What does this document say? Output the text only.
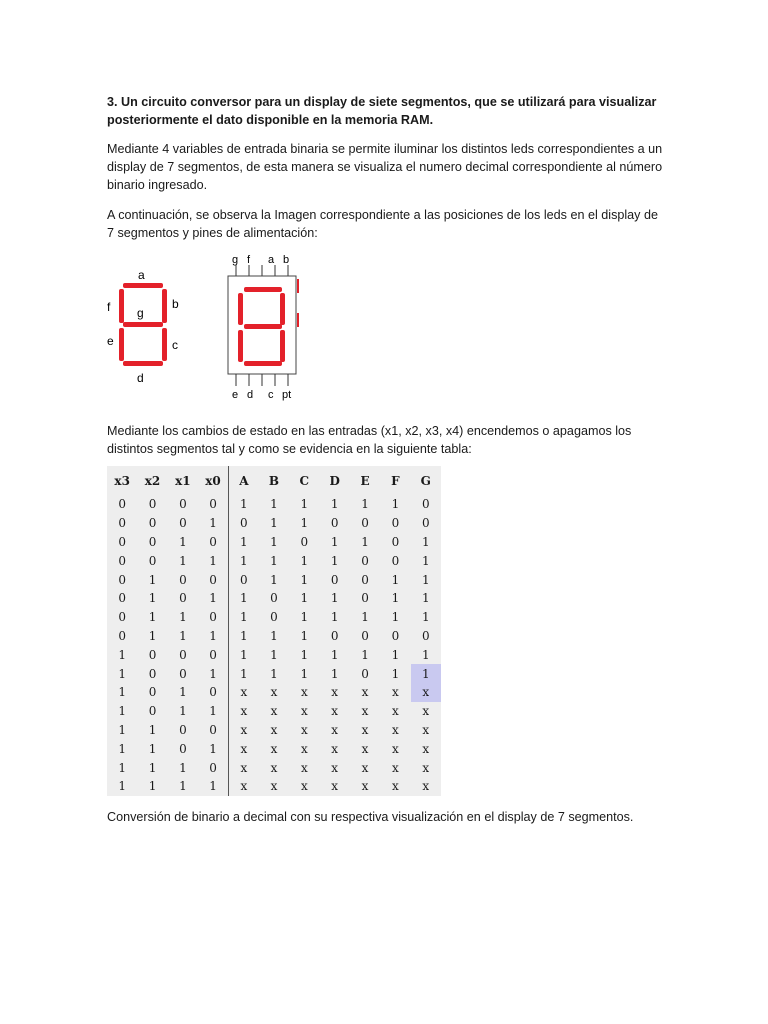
3. Un circuito conversor para un display de siete segmentos, que se utilizará para visualizar posteriormente el dato disponible en la memoria RAM.

Mediante 4 variables de entrada binaria se permite iluminar los distintos leds correspondientes a un display de 7 segmentos, de esta manera se visualiza el numero decimal correspondiente al número binario ingresado.

A continuación, se observa la Imagen correspondiente a las posiciones de los leds en el display de 7 segmentos y pines de alimentación:

a
b
c
d
e
f g
g f a b
e d c pt

Mediante los cambios de estado en las entradas (x1, x2, x3, x4) encendemos o apagamos los distintos segmentos tal y como se evidencia en la siguiente tabla:

x3	x2	x1	x0	A	B	C	D	E	F	G
0	0	0	0	1	1	1	1	1	1	0
0	0	0	1	0	1	1	0	0	0	0
0	0	1	0	1	1	0	1	1	0	1
0	0	1	1	1	1	1	1	0	0	1
0	1	0	0	0	1	1	0	0	1	1
0	1	0	1	1	0	1	1	0	1	1
0	1	1	0	1	0	1	1	1	1	1
0	1	1	1	1	1	1	0	0	0	0
1	0	0	0	1	1	1	1	1	1	1
1	0	0	1	1	1	1	1	0	1	1
1	0	1	0	x	x	x	x	x	x	x
1	0	1	1	x	x	x	x	x	x	x
1	1	0	0	x	x	x	x	x	x	x
1	1	0	1	x	x	x	x	x	x	x
1	1	1	0	x	x	x	x	x	x	x
1	1	1	1	x	x	x	x	x	x	x

Conversión de binario a decimal con su respectiva visualización en el display de 7 segmentos.
